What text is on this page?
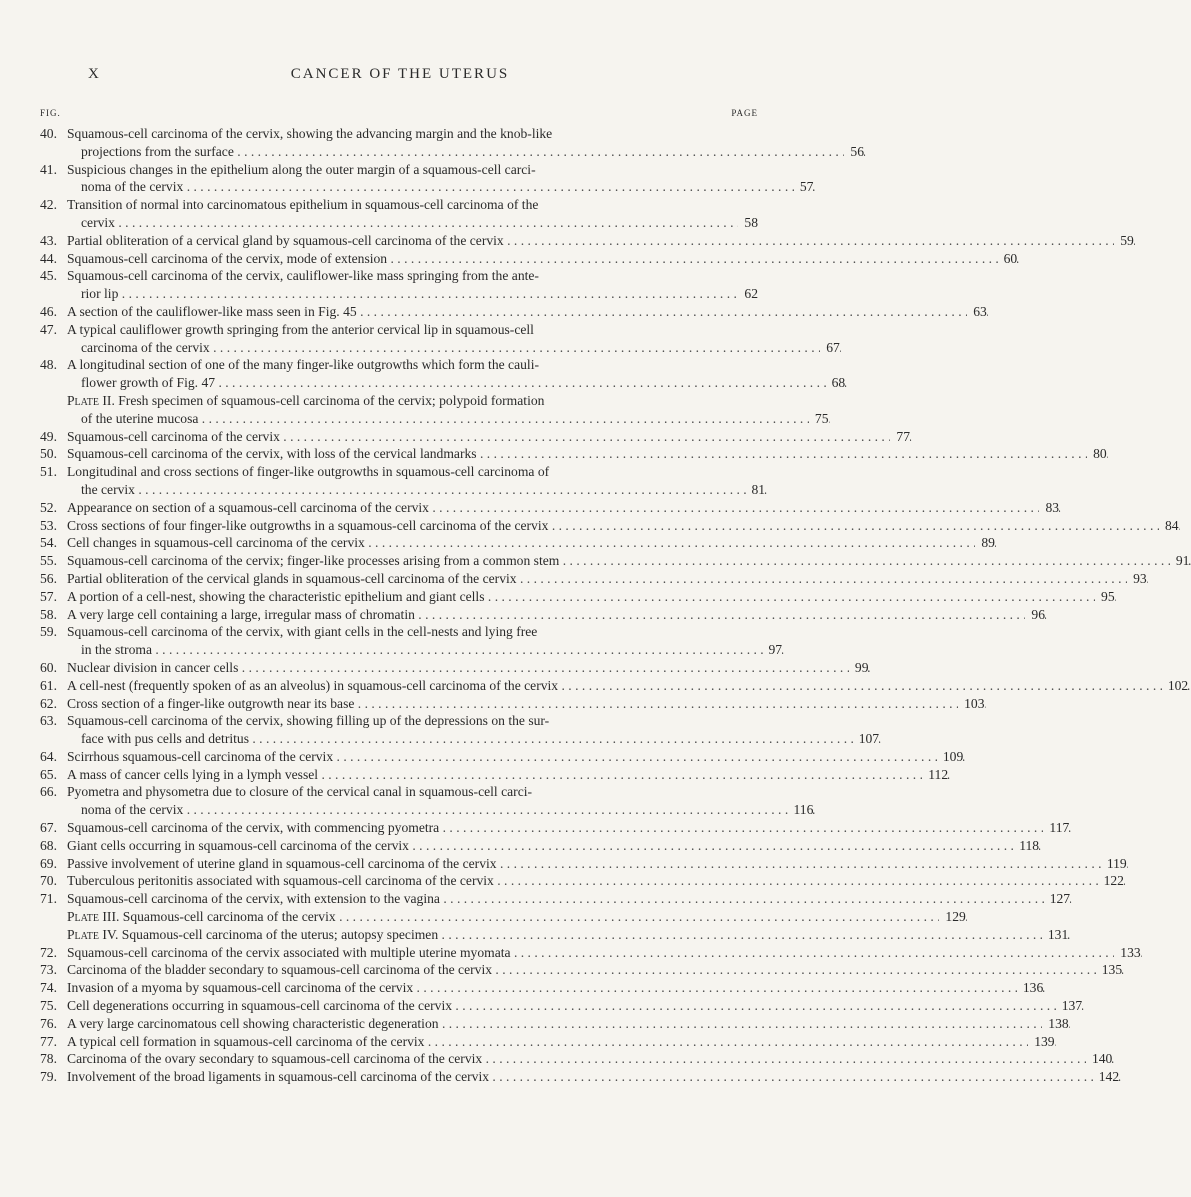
X	CANCER OF THE UTERUS
FIG.	PAGE
40. Squamous-cell carcinoma of the cervix, showing the advancing margin and the knob-like
projections from the surface . . .	56
41. Suspicious changes in the epithelium along the outer margin of a squamous-cell carci-
noma of the cervix . . .	57
42. Transition of normal into carcinomatous epithelium in squamous-cell carcinoma of the
cervix . . .	58
43. Partial obliteration of a cervical gland by squamous-cell carcinoma of the cervix . . .	59
44. Squamous-cell carcinoma of the cervix, mode of extension . . .	60
45. Squamous-cell carcinoma of the cervix, cauliflower-like mass springing from the ante-
rior lip . . .	62
46. A section of the cauliflower-like mass seen in Fig. 45 . . .	63
47. A typical cauliflower growth springing from the anterior cervical lip in squamous-cell
carcinoma of the cervix . . .	67
48. A longitudinal section of one of the many finger-like outgrowths which form the cauli-
flower growth of Fig. 47 . . .	68
Plate II. Fresh specimen of squamous-cell carcinoma of the cervix; polypoid formation
of the uterine mucosa . . .	75
49. Squamous-cell carcinoma of the cervix . . .	77
50. Squamous-cell carcinoma of the cervix, with loss of the cervical landmarks . . .	80
51. Longitudinal and cross sections of finger-like outgrowths in squamous-cell carcinoma of
the cervix . . .	81
52. Appearance on section of a squamous-cell carcinoma of the cervix . . .	83
53. Cross sections of four finger-like outgrowths in a squamous-cell carcinoma of the cervix . . .	84
54. Cell changes in squamous-cell carcinoma of the cervix . . .	89
55. Squamous-cell carcinoma of the cervix; finger-like processes arising from a common stem . . .	91
56. Partial obliteration of the cervical glands in squamous-cell carcinoma of the cervix . . .	93
57. A portion of a cell-nest, showing the characteristic epithelium and giant cells . . .	95
58. A very large cell containing a large, irregular mass of chromatin . . .	96
59. Squamous-cell carcinoma of the cervix, with giant cells in the cell-nests and lying free
in the stroma . . .	97
60. Nuclear division in cancer cells . . .	99
61. A cell-nest (frequently spoken of as an alveolus) in squamous-cell carcinoma of the cervix . . .	102
62. Cross section of a finger-like outgrowth near its base . . .	103
63. Squamous-cell carcinoma of the cervix, showing filling up of the depressions on the sur-
face with pus cells and detritus . . .	107
64. Scirrhous squamous-cell carcinoma of the cervix . . .	109
65. A mass of cancer cells lying in a lymph vessel . . .	112
66. Pyometra and physometra due to closure of the cervical canal in squamous-cell carci-
noma of the cervix . . .	116
67. Squamous-cell carcinoma of the cervix, with commencing pyometra . . .	117
68. Giant cells occurring in squamous-cell carcinoma of the cervix . . .	118
69. Passive involvement of uterine gland in squamous-cell carcinoma of the cervix . . .	119
70. Tuberculous peritonitis associated with squamous-cell carcinoma of the cervix . . .	122
71. Squamous-cell carcinoma of the cervix, with extension to the vagina . . .	127
Plate III. Squamous-cell carcinoma of the cervix . . .	129
Plate IV. Squamous-cell carcinoma of the uterus; autopsy specimen . . .	131
72. Squamous-cell carcinoma of the cervix associated with multiple uterine myomata . . .	133
73. Carcinoma of the bladder secondary to squamous-cell carcinoma of the cervix . . .	135
74. Invasion of a myoma by squamous-cell carcinoma of the cervix . . .	136
75. Cell degenerations occurring in squamous-cell carcinoma of the cervix . . .	137
76. A very large carcinomatous cell showing characteristic degeneration . . .	138
77. A typical cell formation in squamous-cell carcinoma of the cervix . . .	139
78. Carcinoma of the ovary secondary to squamous-cell carcinoma of the cervix . . .	140
79. Involvement of the broad ligaments in squamous-cell carcinoma of the cervix . . .	142
